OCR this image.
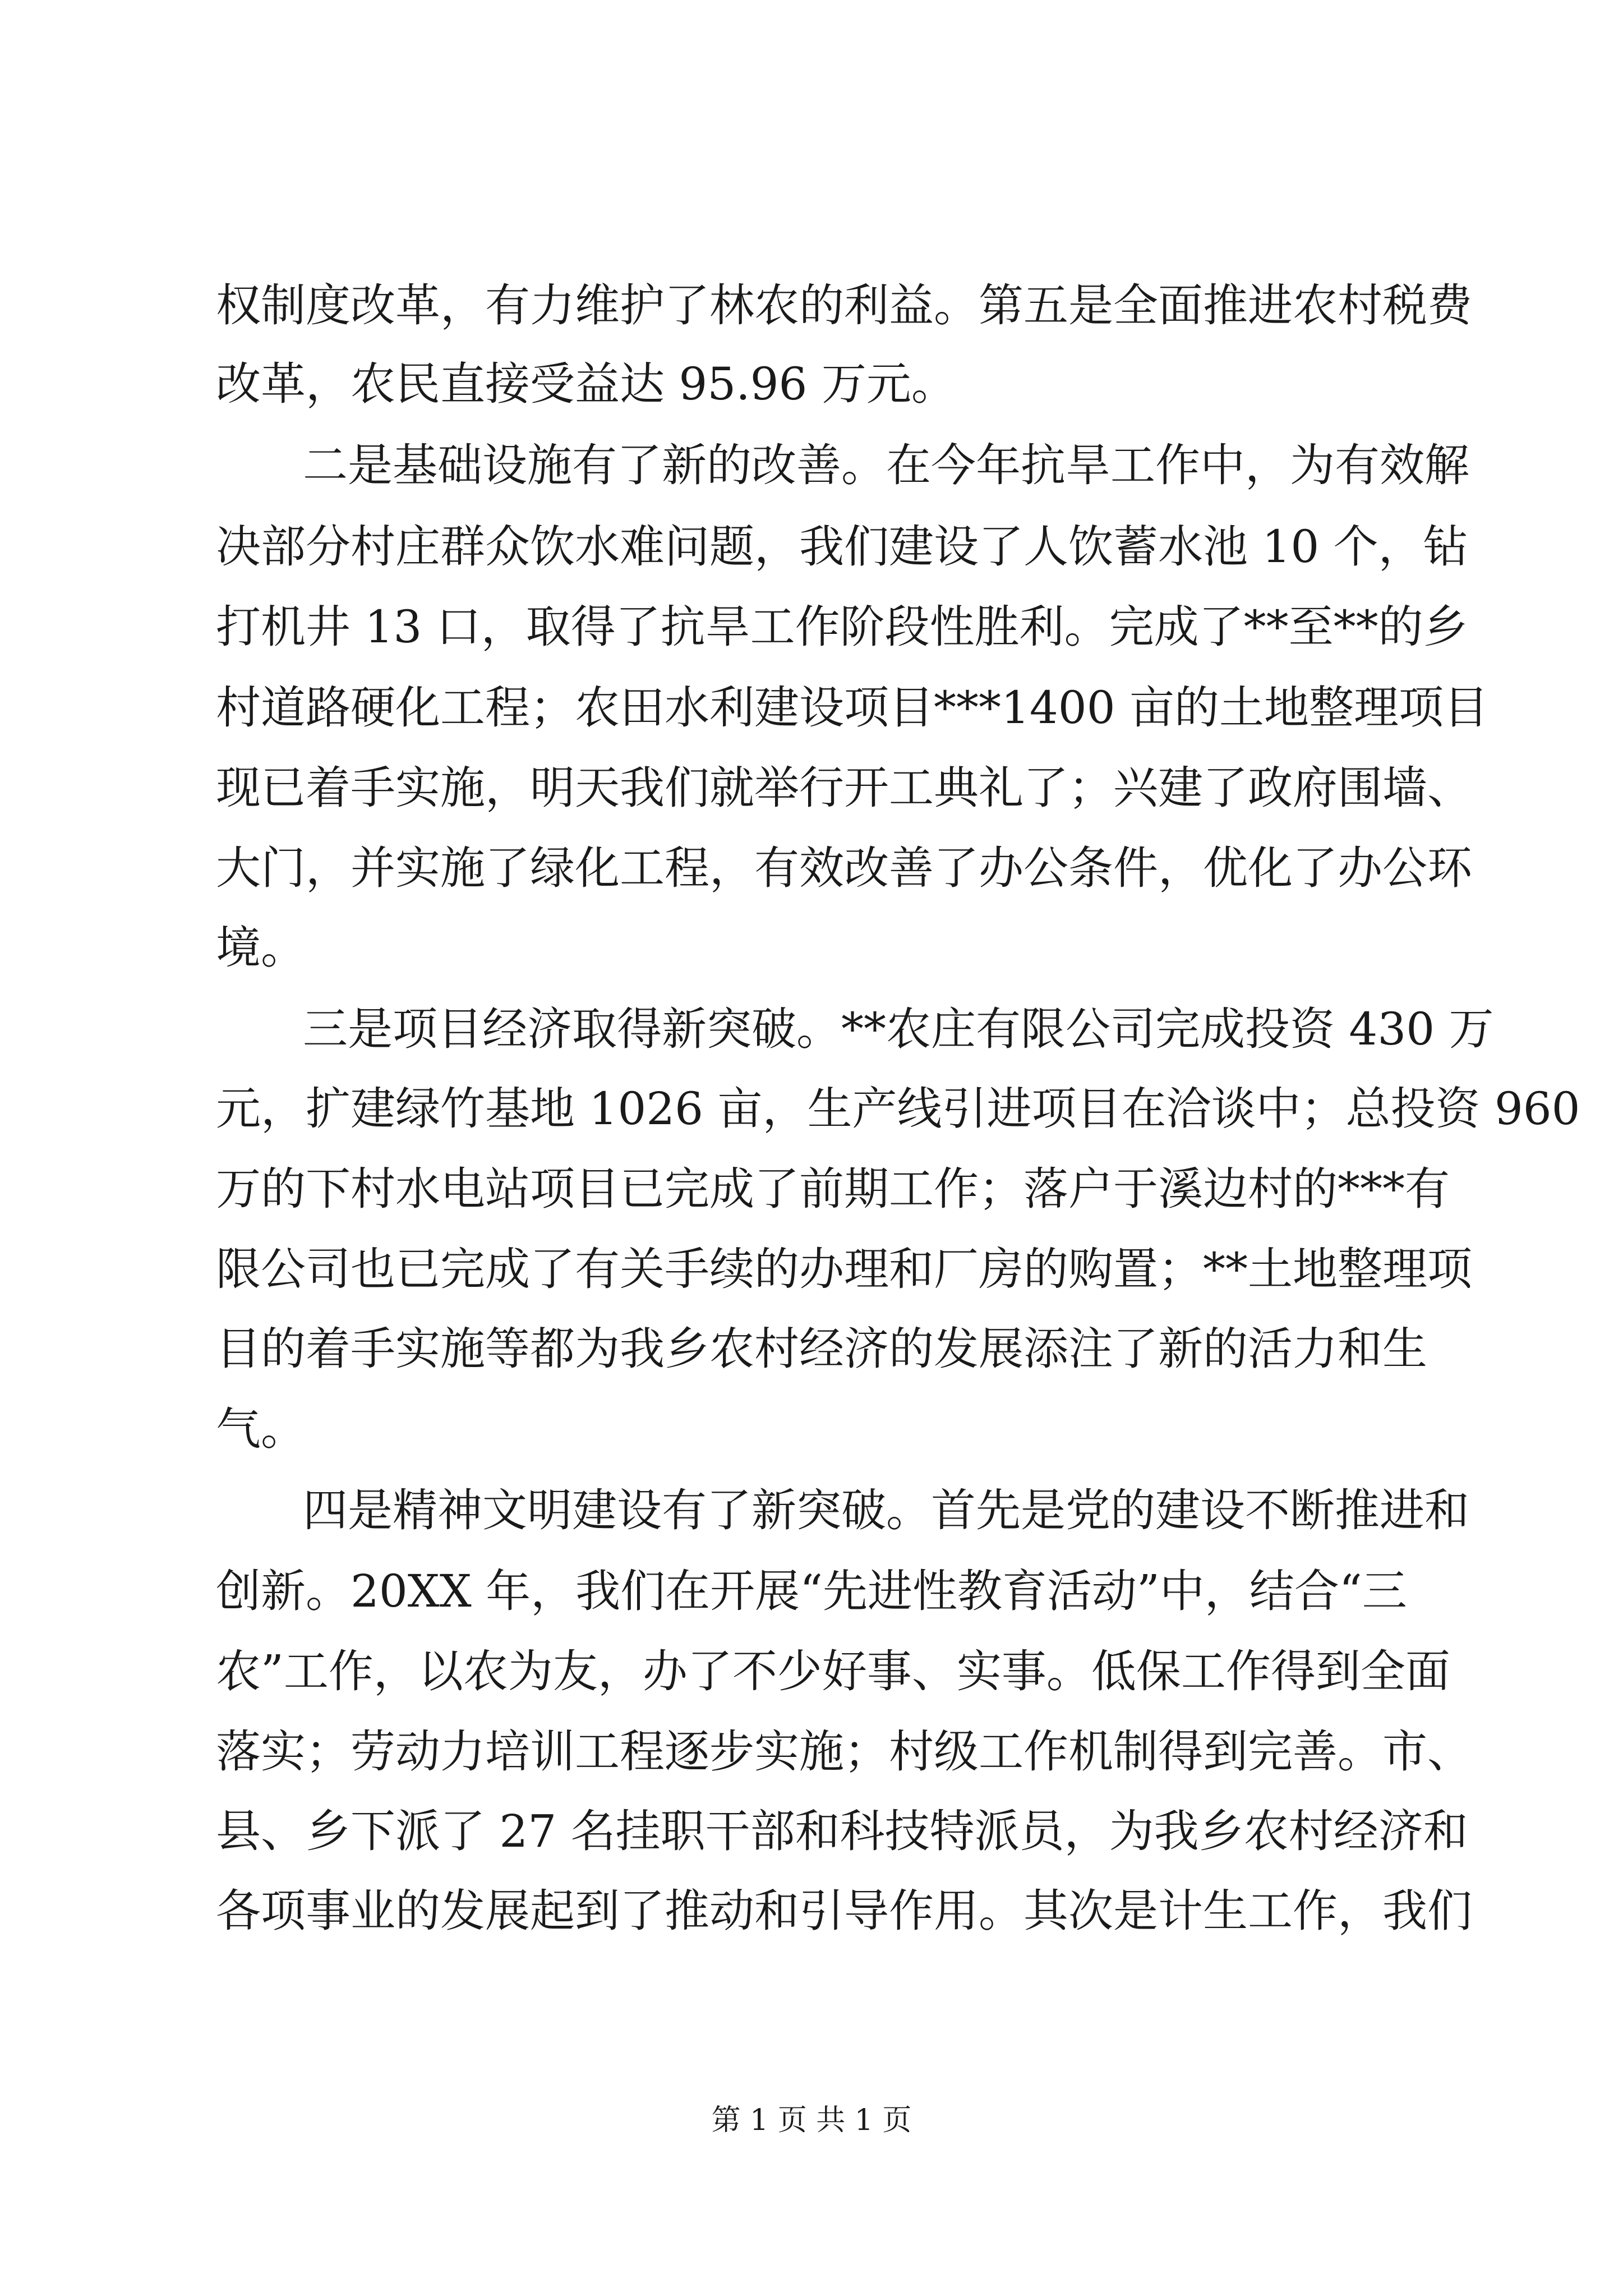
权制度改革，有力维护了林农的利益。第五是全面推进农村税费
改革，农民直接受益达 95.96 万元。
二是基础设施有了新的改善。在今年抗旱工作中，为有效解
决部分村庄群众饮水难问题，我们建设了人饮蓄水池 10 个，钻
打机井 13 口，取得了抗旱工作阶段性胜利。完成了**至**的乡
村道路硬化工程；农田水利建设项目***1400 亩的土地整理项目
现已着手实施，明天我们就举行开工典礼了；兴建了政府围墙、
大门，并实施了绿化工程，有效改善了办公条件，优化了办公环
境。
三是项目经济取得新突破。**农庄有限公司完成投资 430 万
元，扩建绿竹基地 1026 亩，生产线引进项目在洽谈中；总投资 960
万的下村水电站项目已完成了前期工作；落户于溪边村的***有
限公司也已完成了有关手续的办理和厂房的购置；**土地整理项
目的着手实施等都为我乡农村经济的发展添注了新的活力和生
气。
四是精神文明建设有了新突破。首先是党的建设不断推进和
创新。20XX 年，我们在开展“先进性教育活动”中，结合“三
农”工作，以农为友，办了不少好事、实事。低保工作得到全面
落实；劳动力培训工程逐步实施；村级工作机制得到完善。市、
县、乡下派了 27 名挂职干部和科技特派员，为我乡农村经济和
各项事业的发展起到了推动和引导作用。其次是计生工作，我们
第 1 页 共 1 页
